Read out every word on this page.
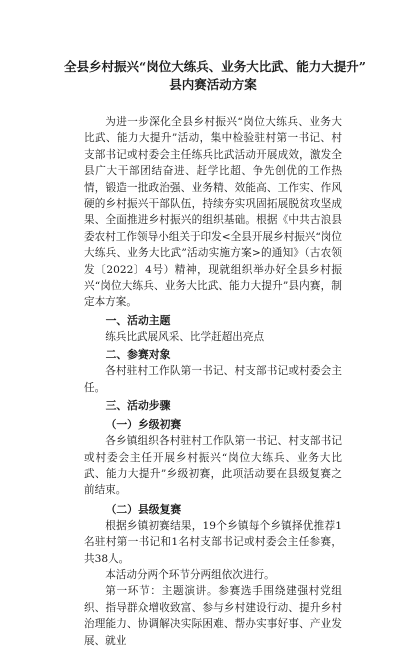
全县乡村振兴“岗位大练兵、业务大比武、能力大提升”
县内赛活动方案

为进一步深化全县乡村振兴“岗位大练兵、业务大比武、能力大提升”活动，集中检验驻村第一书记、村支部书记或村委会主任练兵比武活动开展成效，激发全县广大干部团结奋进、赶学比超、争先创优的工作热情，锻造一批政治强、业务精、效能高、工作实、作风硬的乡村振兴干部队伍，持续夯实巩固拓展脱贫攻坚成果、全面推进乡村振兴的组织基础。根据《中共古浪县委农村工作领导小组关于印发<全县开展乡村振兴“岗位大练兵、业务大比武”活动实施方案>的通知》（古农领发〔2022〕4号）精神，现就组织举办好全县乡村振兴“岗位大练兵、业务大比武、能力大提升”县内赛，制定本方案。

一、活动主题

练兵比武展风采、比学赶超出亮点

二、参赛对象

各村驻村工作队第一书记、村支部书记或村委会主任。

三、活动步骤
（一）乡级初赛

各乡镇组织各村驻村工作队第一书记、村支部书记或村委会主任开展乡村振兴“岗位大练兵、业务大比武、能力大提升”乡级初赛，此项活动要在县级复赛之前结束。

（二）县级复赛

根据乡镇初赛结果，19个乡镇每个乡镇择优推荐1名驻村第一书记和1名村支部书记或村委会主任参赛，共38人。

本活动分两个环节分两组依次进行。

第一环节：主题演讲。参赛选手围绕建强村党组织、指导群众增收致富、参与乡村建设行动、提升乡村治理能力、协调解决实际困难、帮办实事好事、产业发展、就业
